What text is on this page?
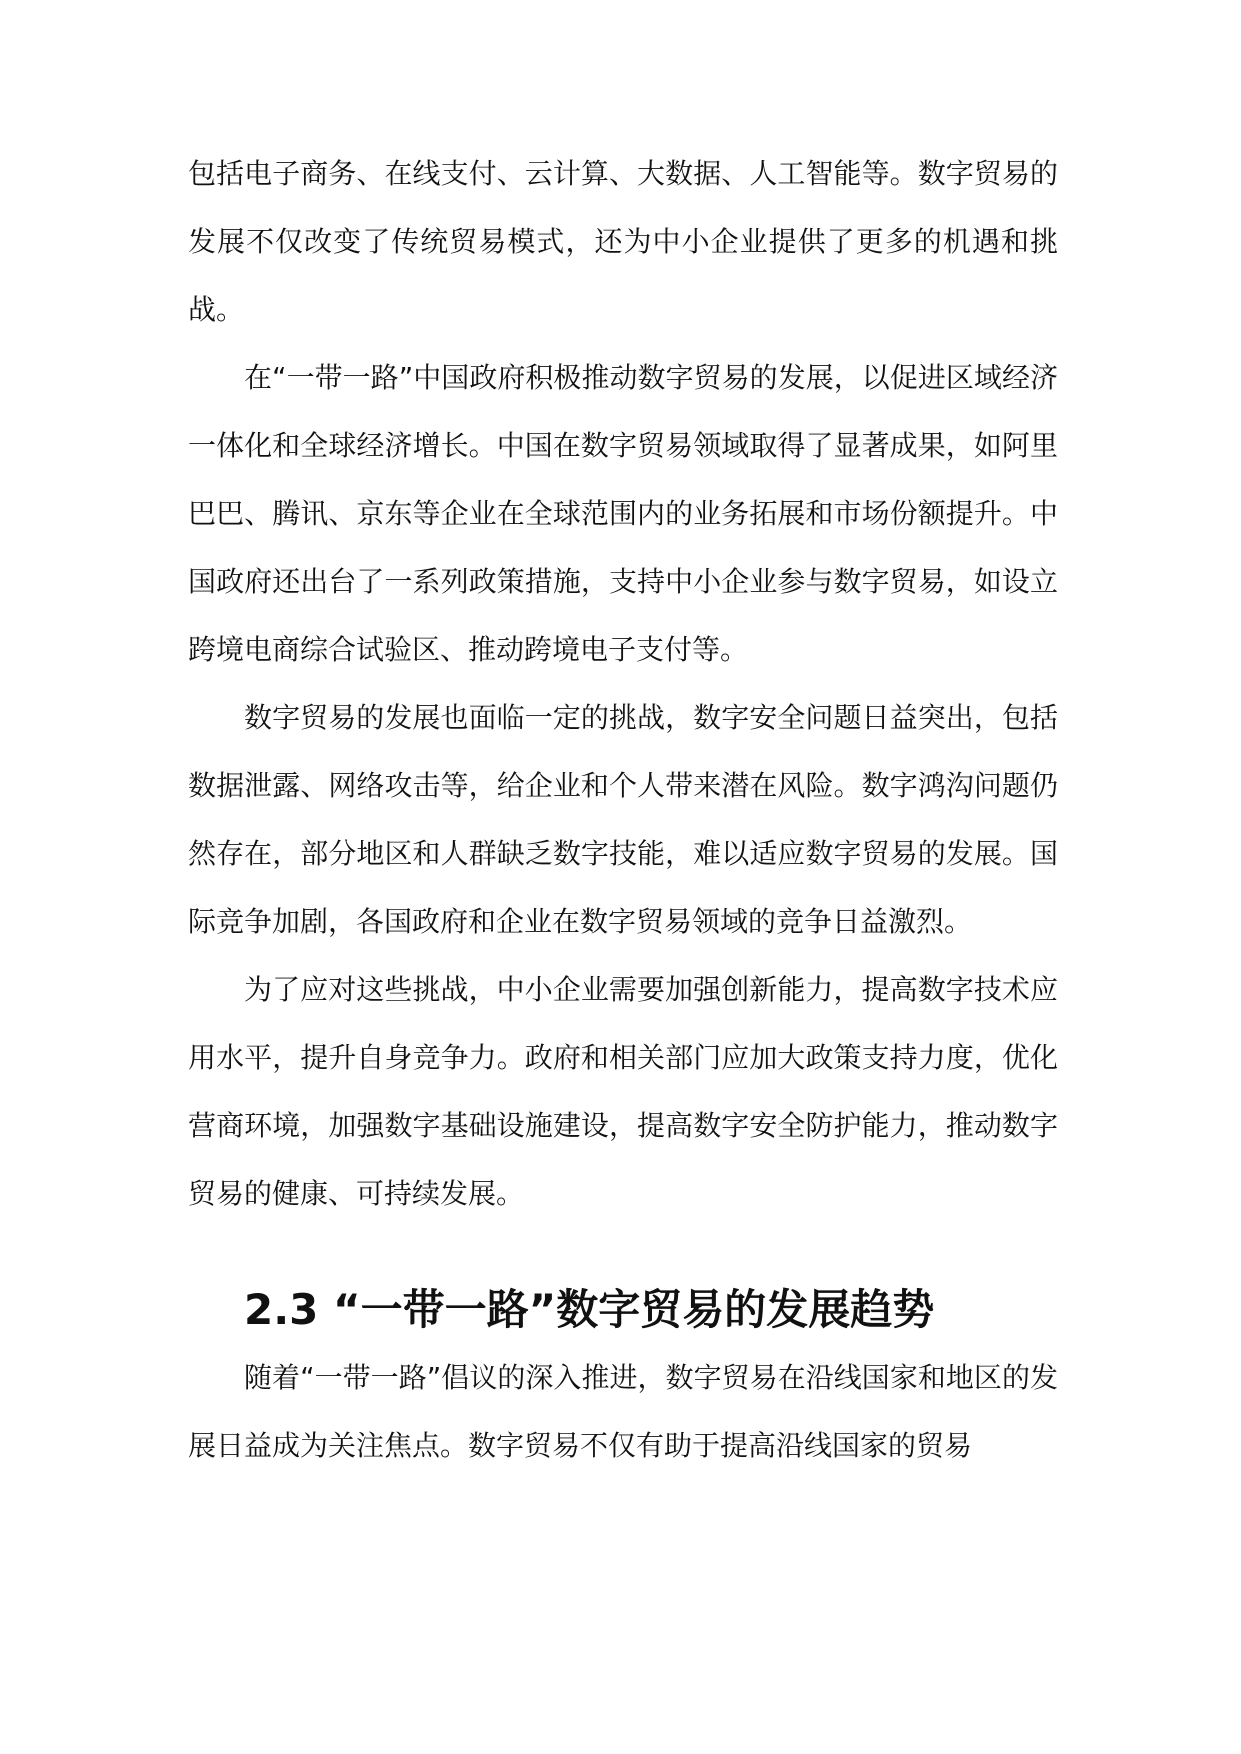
包括电子商务、在线支付、云计算、大数据、人工智能等。数字贸易的发展不仅改变了传统贸易模式，还为中小企业提供了更多的机遇和挑战。

在“一带一路”中国政府积极推动数字贸易的发展，以促进区域经济一体化和全球经济增长。中国在数字贸易领域取得了显著成果，如阿里巴巴、腾讯、京东等企业在全球范围内的业务拓展和市场份额提升。中国政府还出台了一系列政策措施，支持中小企业参与数字贸易，如设立跨境电商综合试验区、推动跨境电子支付等。

数字贸易的发展也面临一定的挑战，数字安全问题日益突出，包括数据泄露、网络攻击等，给企业和个人带来潜在风险。数字鸿沟问题仍然存在，部分地区和人群缺乏数字技能，难以适应数字贸易的发展。国际竞争加剧，各国政府和企业在数字贸易领域的竞争日益激烈。

为了应对这些挑战，中小企业需要加强创新能力，提高数字技术应用水平，提升自身竞争力。政府和相关部门应加大政策支持力度，优化营商环境，加强数字基础设施建设，提高数字安全防护能力，推动数字贸易的健康、可持续发展。

2.3 “一带一路”数字贸易的发展趋势

随着“一带一路”倡议的深入推进，数字贸易在沿线国家和地区的发展日益成为关注焦点。数字贸易不仅有助于提高沿线国家的贸易
